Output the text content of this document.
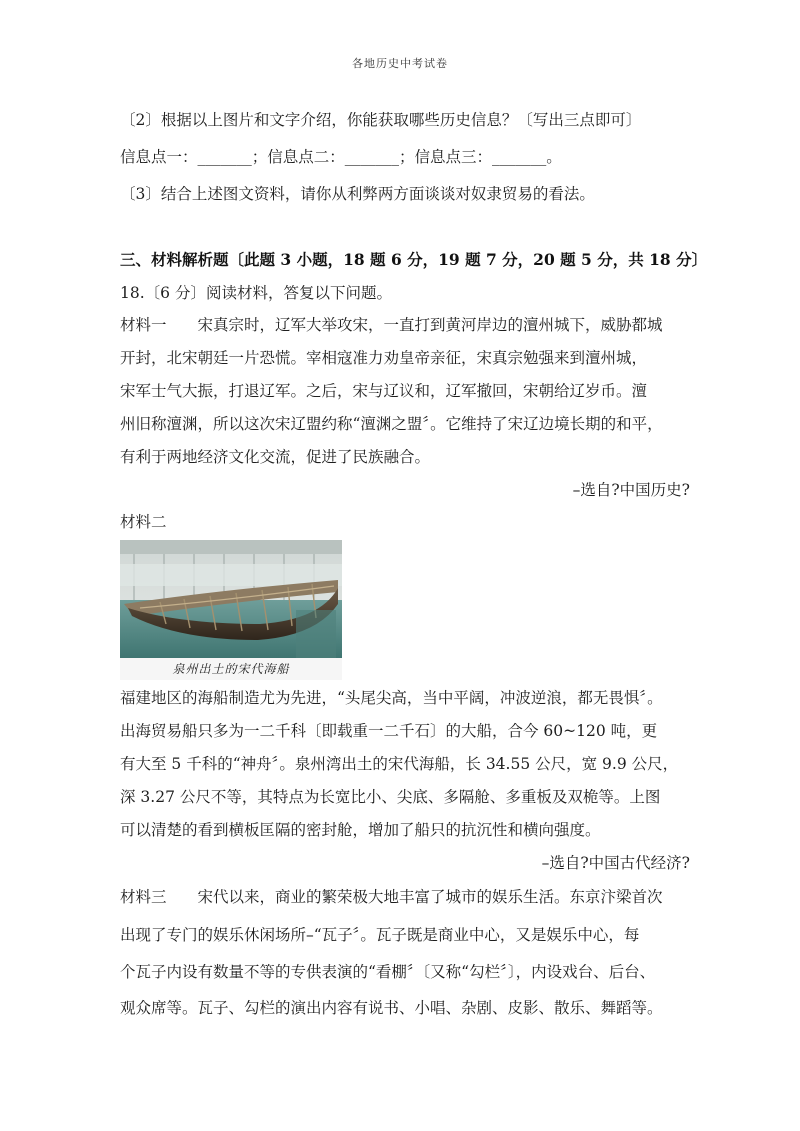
各地历史中考试卷
〔2〕根据以上图片和文字介绍，你能获取哪些历史信息？〔写出三点即可〕
信息点一：_______；信息点二：_______；信息点三：_______。
〔3〕结合上述图文资料，请你从利弊两方面谈谈对奴隶贸易的看法。
三、材料解析题〔此题 3 小题，18 题 6 分，19 题 7 分，20 题 5 分，共 18 分〕
18.〔6 分〕阅读材料，答复以下问题。
材料一　　宋真宗时，辽军大举攻宋，一直打到黄河岸边的澶州城下，威胁都城
开封，北宋朝廷一片恐慌。宰相寇准力劝皇帝亲征，宋真宗勉强来到澶州城，
宋军士气大振，打退辽军。之后，宋与辽议和，辽军撤回，宋朝给辽岁币。澶
州旧称澶渊，所以这次宋辽盟约称“澶渊之盟〞。它维持了宋辽边境长期的和平，
有利于两地经济文化交流，促进了民族融合。
–选自?中国历史?
材料二
泉州出土的宋代海船
福建地区的海船制造尤为先进，“头尾尖高，当中平阔，冲波逆浪，都无畏惧〞。
出海贸易船只多为一二千科〔即载重一二千石〕的大船，合今 60~120 吨，更
有大至 5 千科的“神舟〞。泉州湾出土的宋代海船，长 34.55 公尺，宽 9.9 公尺，
深 3.27 公尺不等，其特点为长宽比小、尖底、多隔舱、多重板及双桅等。上图
可以清楚的看到横板匡隔的密封舱，增加了船只的抗沉性和横向强度。
–选自?中国古代经济?
材料三　　宋代以来，商业的繁荣极大地丰富了城市的娱乐生活。东京汴梁首次
出现了专门的娱乐休闲场所–“瓦子〞。瓦子既是商业中心，又是娱乐中心，每
个瓦子内设有数量不等的专供表演的“看棚〞〔又称“勾栏〞〕，内设戏台、后台、
观众席等。瓦子、勾栏的演出内容有说书、小唱、杂剧、皮影、散乐、舞蹈等。
